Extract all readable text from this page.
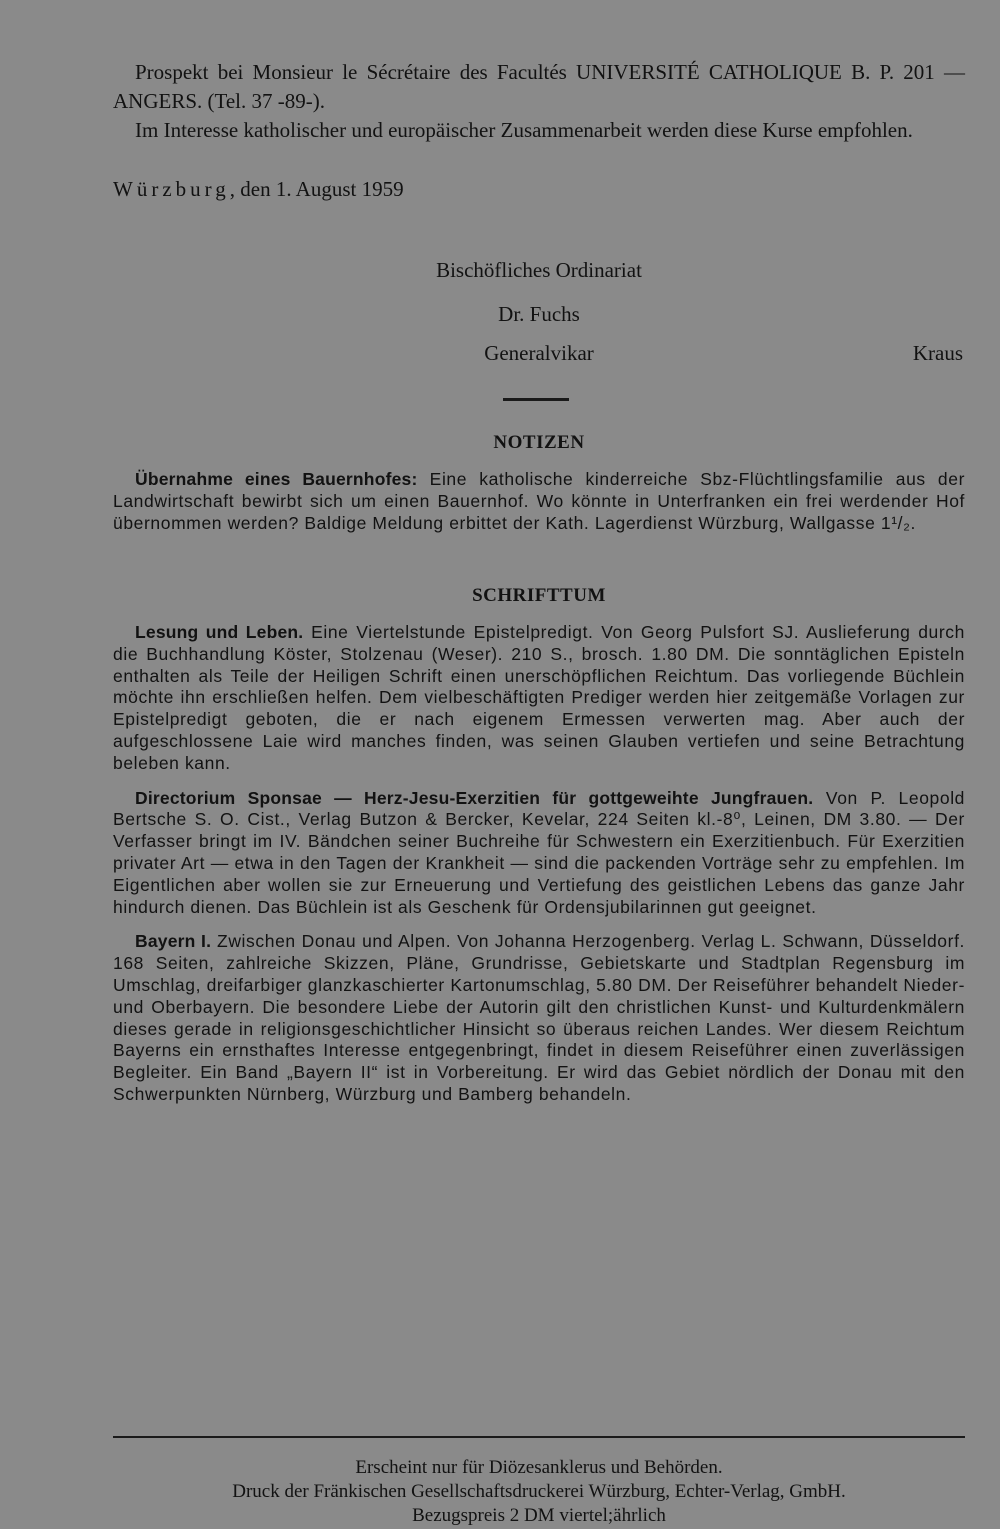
Prospekt bei Monsieur le Sécrétaire des Facultés UNIVERSITÉ CATHOLIQUE B. P. 201 — ANGERS. (Tel. 37 -89-).

Im Interesse katholischer und europäischer Zusammenarbeit werden diese Kurse empfohlen.

Würzburg, den 1. August 1959

Bischöfliches Ordinariat
Dr. Fuchs
Generalvikar	Kraus
NOTIZEN

Übernahme eines Bauernhofes: Eine katholische kinderreiche Sbz-Flüchtlingsfamilie aus der Landwirtschaft bewirbt sich um einen Bauernhof. Wo könnte in Unterfranken ein frei werdender Hof übernommen werden? Baldige Meldung erbittet der Kath. Lagerdienst Würzburg, Wallgasse 1¹/₂.

SCHRIFTTUM

Lesung und Leben. Eine Viertelstunde Epistelpredigt. Von Georg Pulsfort SJ. Auslieferung durch die Buchhandlung Köster, Stolzenau (Weser). 210 S., brosch. 1.80 DM. Die sonntäglichen Episteln enthalten als Teile der Heiligen Schrift einen unerschöpflichen Reichtum. Das vorliegende Büchlein möchte ihn erschließen helfen. Dem vielbeschäftigten Prediger werden hier zeitgemäße Vorlagen zur Epistelpredigt geboten, die er nach eigenem Ermessen verwerten mag. Aber auch der aufgeschlossene Laie wird manches finden, was seinen Glauben vertiefen und seine Betrachtung beleben kann.

Directorium Sponsae — Herz-Jesu-Exerzitien für gottgeweihte Jungfrauen. Von P. Leopold Bertsche S. O. Cist., Verlag Butzon & Bercker, Kevelar, 224 Seiten kl.-8⁰, Leinen, DM 3.80. — Der Verfasser bringt im IV. Bändchen seiner Buchreihe für Schwestern ein Exerzitienbuch. Für Exerzitien privater Art — etwa in den Tagen der Krankheit — sind die packenden Vorträge sehr zu empfehlen. Im Eigentlichen aber wollen sie zur Erneuerung und Vertiefung des geistlichen Lebens das ganze Jahr hindurch dienen. Das Büchlein ist als Geschenk für Ordensjubilarinnen gut geeignet.

Bayern I. Zwischen Donau und Alpen. Von Johanna Herzogenberg. Verlag L. Schwann, Düsseldorf. 168 Seiten, zahlreiche Skizzen, Pläne, Grundrisse, Gebietskarte und Stadtplan Regensburg im Umschlag, dreifarbiger glanzkaschierter Kartonumschlag, 5.80 DM. Der Reiseführer behandelt Nieder- und Oberbayern. Die besondere Liebe der Autorin gilt den christlichen Kunst- und Kulturdenkmälern dieses gerade in religionsgeschichtlicher Hinsicht so überaus reichen Landes. Wer diesem Reichtum Bayerns ein ernsthaftes Interesse entgegenbringt, findet in diesem Reiseführer einen zuverlässigen Begleiter. Ein Band „Bayern II“ ist in Vorbereitung. Er wird das Gebiet nördlich der Donau mit den Schwerpunkten Nürnberg, Würzburg und Bamberg behandeln.

Erscheint nur für Diözesanklerus und Behörden.
Druck der Fränkischen Gesellschaftsdruckerei Würzburg, Echter-Verlag, GmbH.
Bezugspreis 2 DM viertel;ährlich
